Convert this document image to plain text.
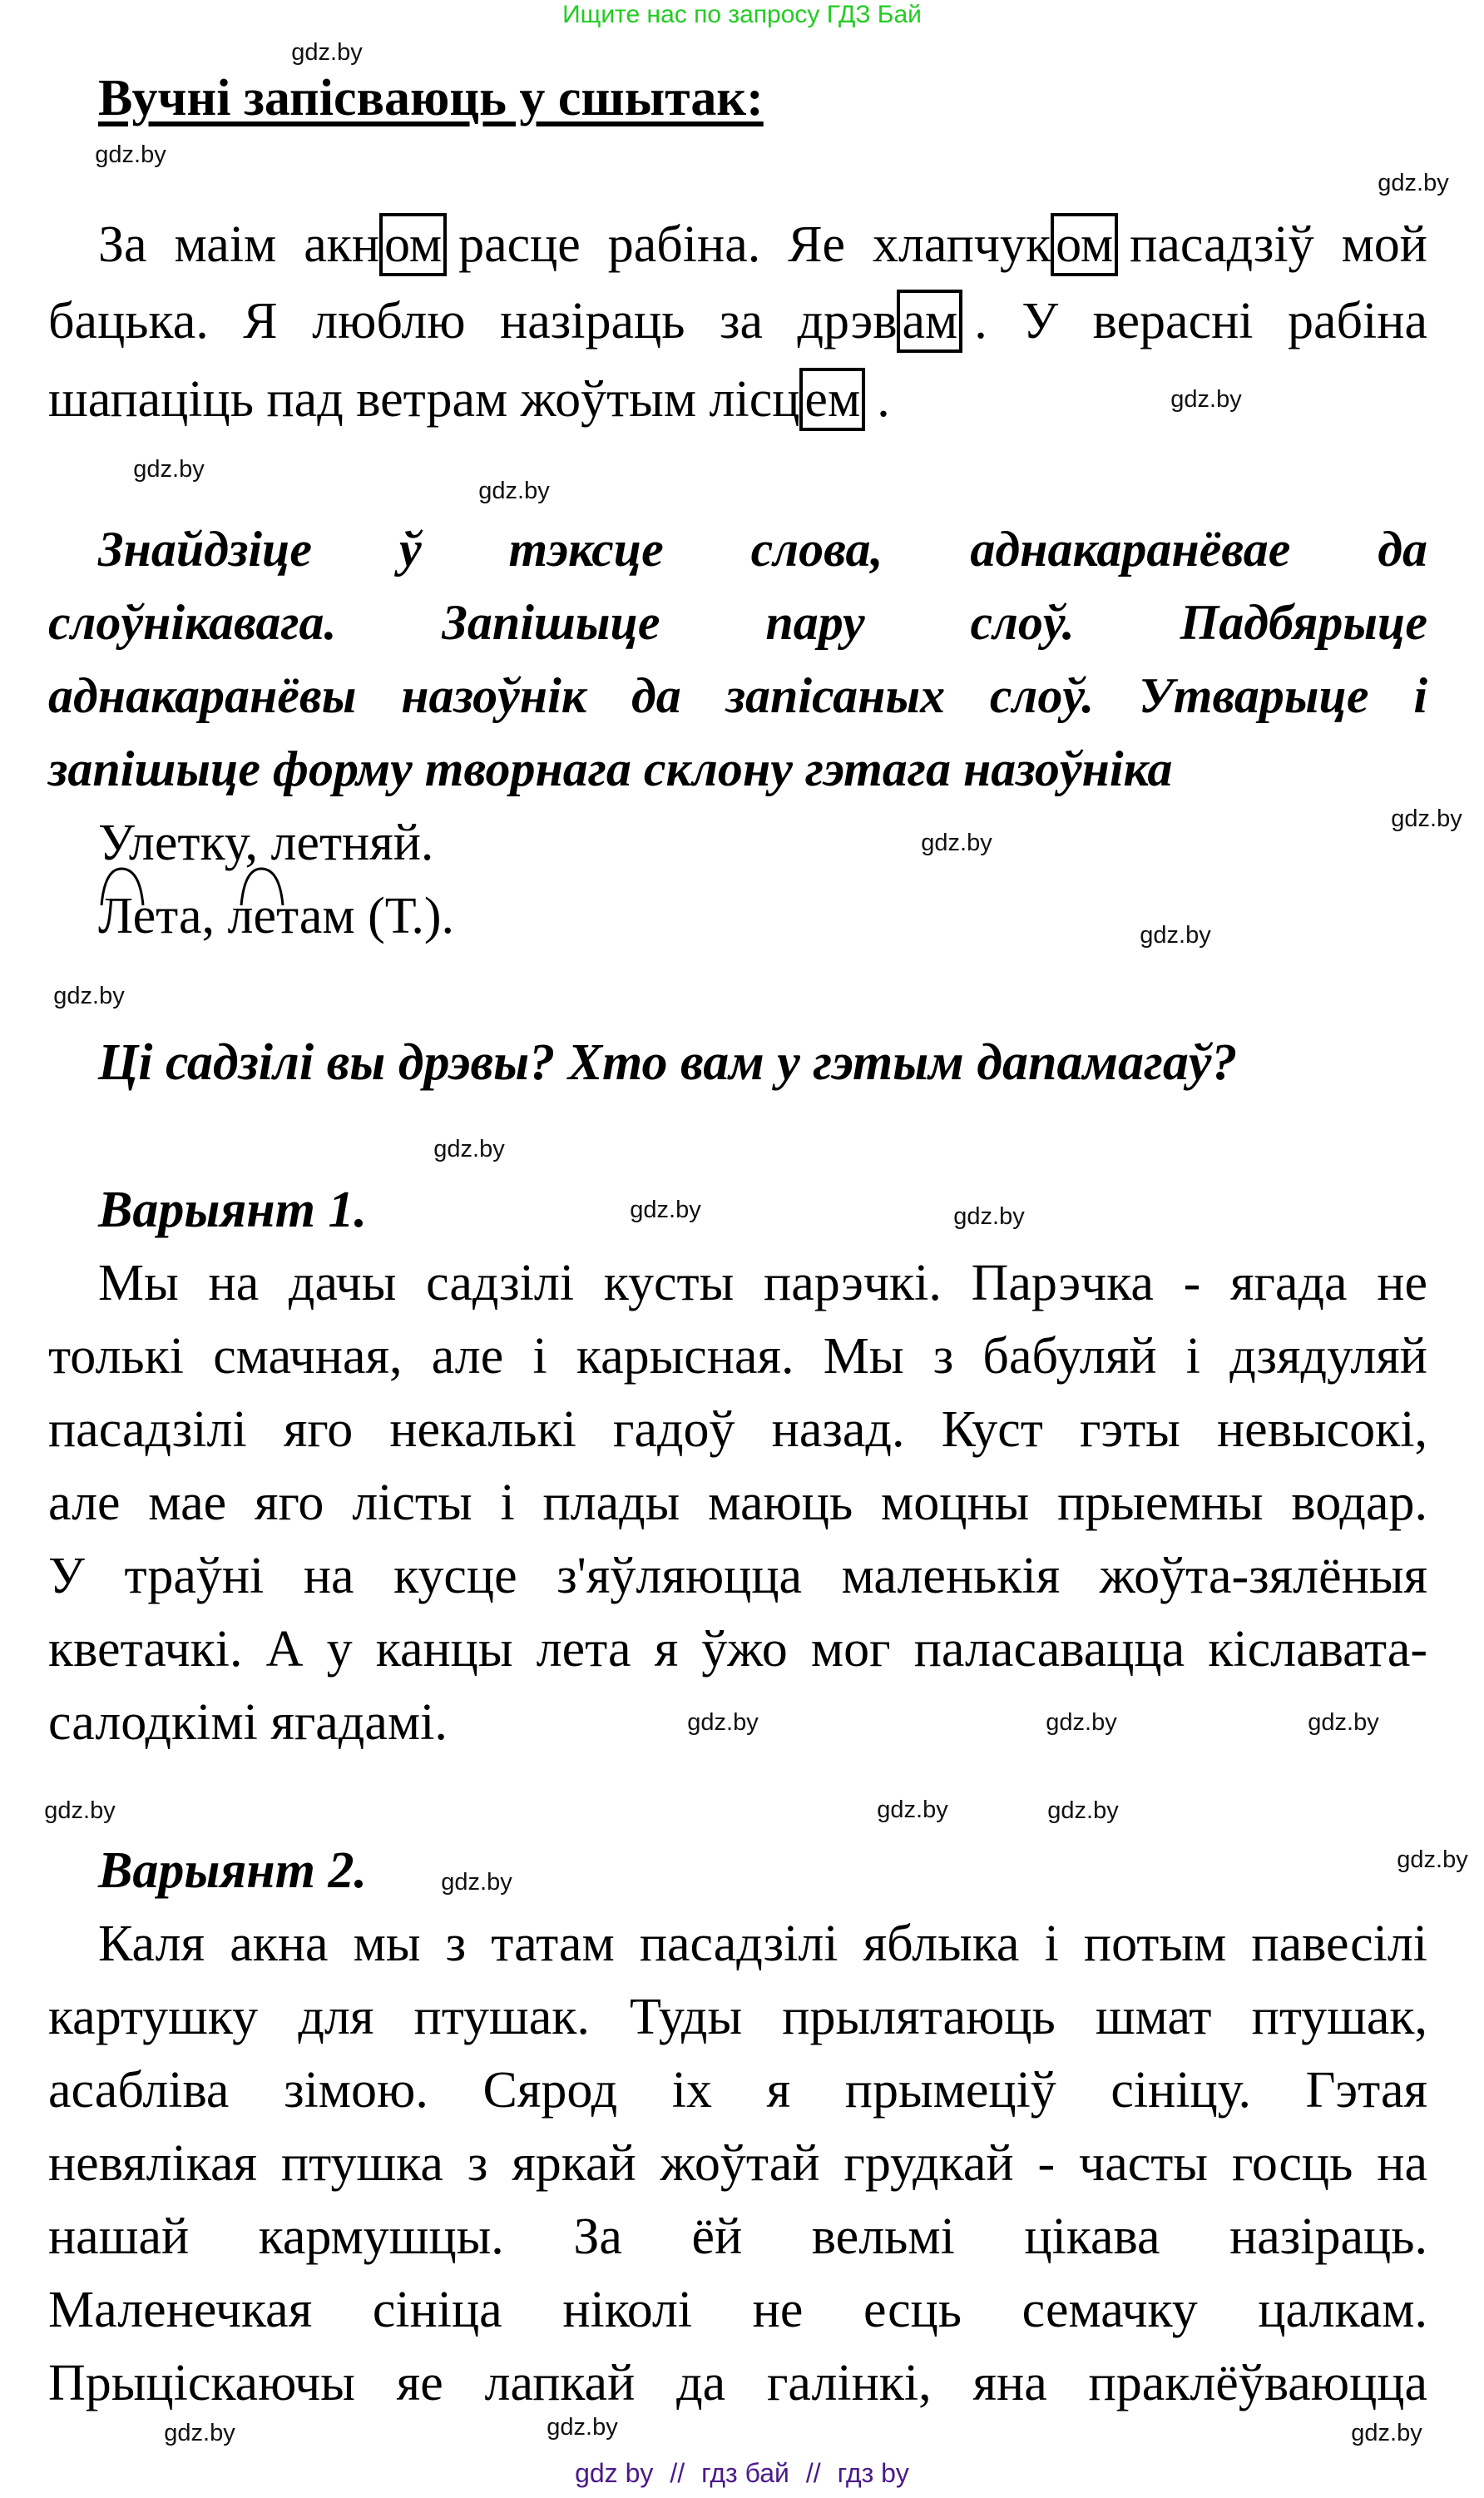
Ищите нас по запросу ГДЗ Бай
Вучні запісваюць у сшытак:
За маім акном расце рабіна. Яе хлапчуком пасадзіў мой
бацька. Я люблю назіраць за дрэвам . У верасні рабіна
шапаціць пад ветрам жоўтым лісцем .
Знайдзіце ў тэксце слова, аднакаранёвае да
слоўнікавага. Запішыце пару слоў. Падбярыце
аднакаранёвы назоўнік да запісаных слоў. Утварыце і
запішыце форму творнага склону гэтага назоўніка
Улетку, летняй.
Лета, летам (Т.).
Ці садзілі вы дрэвы? Хто вам у гэтым дапамагаў?
Варыянт 1.
Мы на дачы садзілі кусты парэчкі. Парэчка - ягада не
толькі смачная, але і карысная. Мы з бабуляй і дзядуляй
пасадзілі яго некалькі гадоў назад. Куст гэты невысокі,
але мае яго лісты і плады маюць моцны прыемны водар.
У траўні на кусце з'яўляюцца маленькія жоўта-зялёныя
кветачкі. А у канцы лета я ўжо мог паласавацца кіславата-
салодкімі ягадамі.
Варыянт 2.
Каля акна мы з татам пасадзілі яблыка і потым павесілі
картушку для птушак. Туды прылятаюць шмат птушак,
асабліва зімою. Сярод іх я прымеціў сініцу. Гэтая
невялікая птушка з яркай жоўтай грудкай - часты госць на
нашай кармушцы. За ёй вельмі цікава назіраць.
Маленечкая сініца ніколі не есць семачку цалкам.
Прыцiскаючы яе лапкай да галінкі, яна праклёўваюцца
gdz.by
gdz.by
gdz.by
gdz.by
gdz.by
gdz.by
gdz.by
gdz.by
gdz.by
gdz.by
gdz.by
gdz.by
gdz.by
gdz.by
gdz.by
gdz.by
gdz.by
gdz.by
gdz.by
gdz.by	gdz.by
gdz.by
gdz.by	gdz.by
gdz by // гдз бай // гдз by
